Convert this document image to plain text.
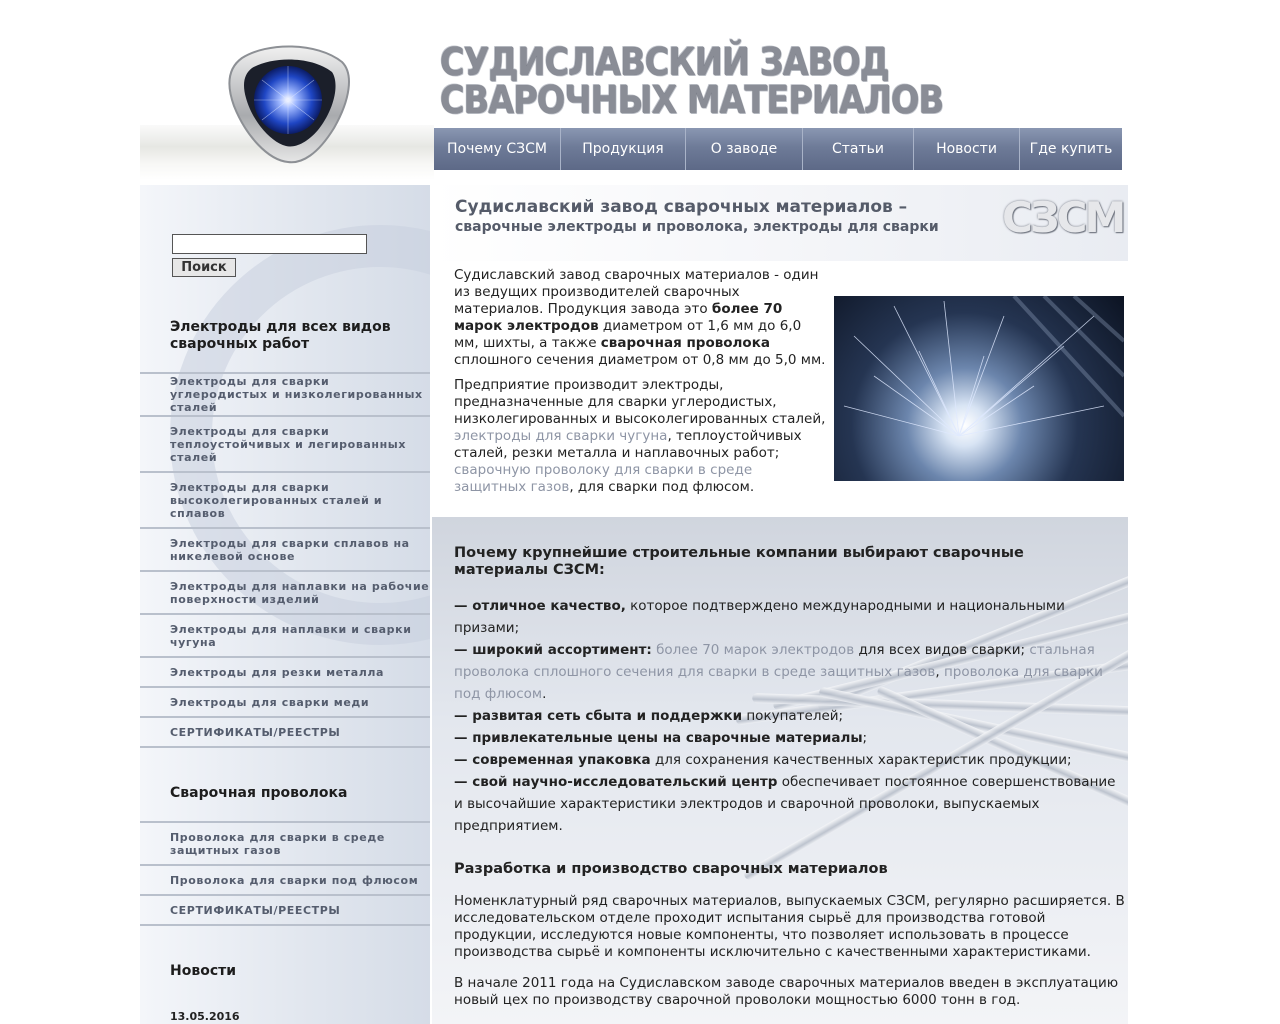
СУДИСЛАВСКИЙ ЗАВОД
СВАРОЧНЫХ МАТЕРИАЛОВ
Почему СЗСМ	Продукция	О заводе	Статьи	Новости	Где купить
Поиск
Электроды для всех видов сварочных работ
Электроды для сварки углеродистых и низколегированных сталей
Электроды для сварки теплоустойчивых и легированных сталей
Электроды для сварки высоколегированных сталей и сплавов
Электроды для сварки сплавов на никелевой основе
Электроды для наплавки на рабочие поверхности изделий
Электроды для наплавки и сварки чугуна
Электроды для резки металла
Электроды для сварки меди
СЕРТИФИКАТЫ/РЕЕСТРЫ
Сварочная проволока
Проволока для сварки в среде защитных газов
Проволока для сварки под флюсом
СЕРТИФИКАТЫ/РЕЕСТРЫ
Новости
13.05.2016
Судиславский завод сварочных материалов –
сварочные электроды и проволока, электроды для сварки СЗСМ

Судиславский завод сварочных материалов - один из ведущих производителей сварочных материалов. Продукция завода это более 70 марок электродов диаметром от 1,6 мм до 6,0 мм, шихты, а также сварочная проволока сплошного сечения диаметром от 0,8 мм до 5,0 мм.

Предприятие производит электроды, предназначенные для сварки углеродистых, низколегированных и высоколегированных сталей, электроды для сварки чугуна, теплоустойчивых сталей, резки металла и наплавочных работ; сварочную проволоку для сварки в среде защитных газов, для сварки под флюсом.

Почему крупнейшие строительные компании выбирают сварочные материалы СЗСМ:

— отличное качество, которое подтверждено международными и национальными призами;

— широкий ассортимент: более 70 марок электродов для всех видов сварки; стальная проволока сплошного сечения для сварки в среде защитных газов, проволока для сварки под флюсом.

— развитая сеть сбыта и поддержки покупателей;

— привлекательные цены на сварочные материалы;

— современная упаковка для сохранения качественных характеристик продукции;

— свой научно-исследовательский центр обеспечивает постоянное совершенствование и высочайшие характеристики электродов и сварочной проволоки, выпускаемых предприятием.

Разработка и производство сварочных материалов

Номенклатурный ряд сварочных материалов, выпускаемых СЗСМ, регулярно расширяется. В исследовательском отделе проходит испытания сырьё для производства готовой продукции, исследуются новые компоненты, что позволяет использовать в процессе производства сырьё и компоненты исключительно с качественными характеристиками.

В начале 2011 года на Судиславском заводе сварочных материалов введен в эксплуатацию новый цех по производству сварочной проволоки мощностью 6000 тонн в год.
